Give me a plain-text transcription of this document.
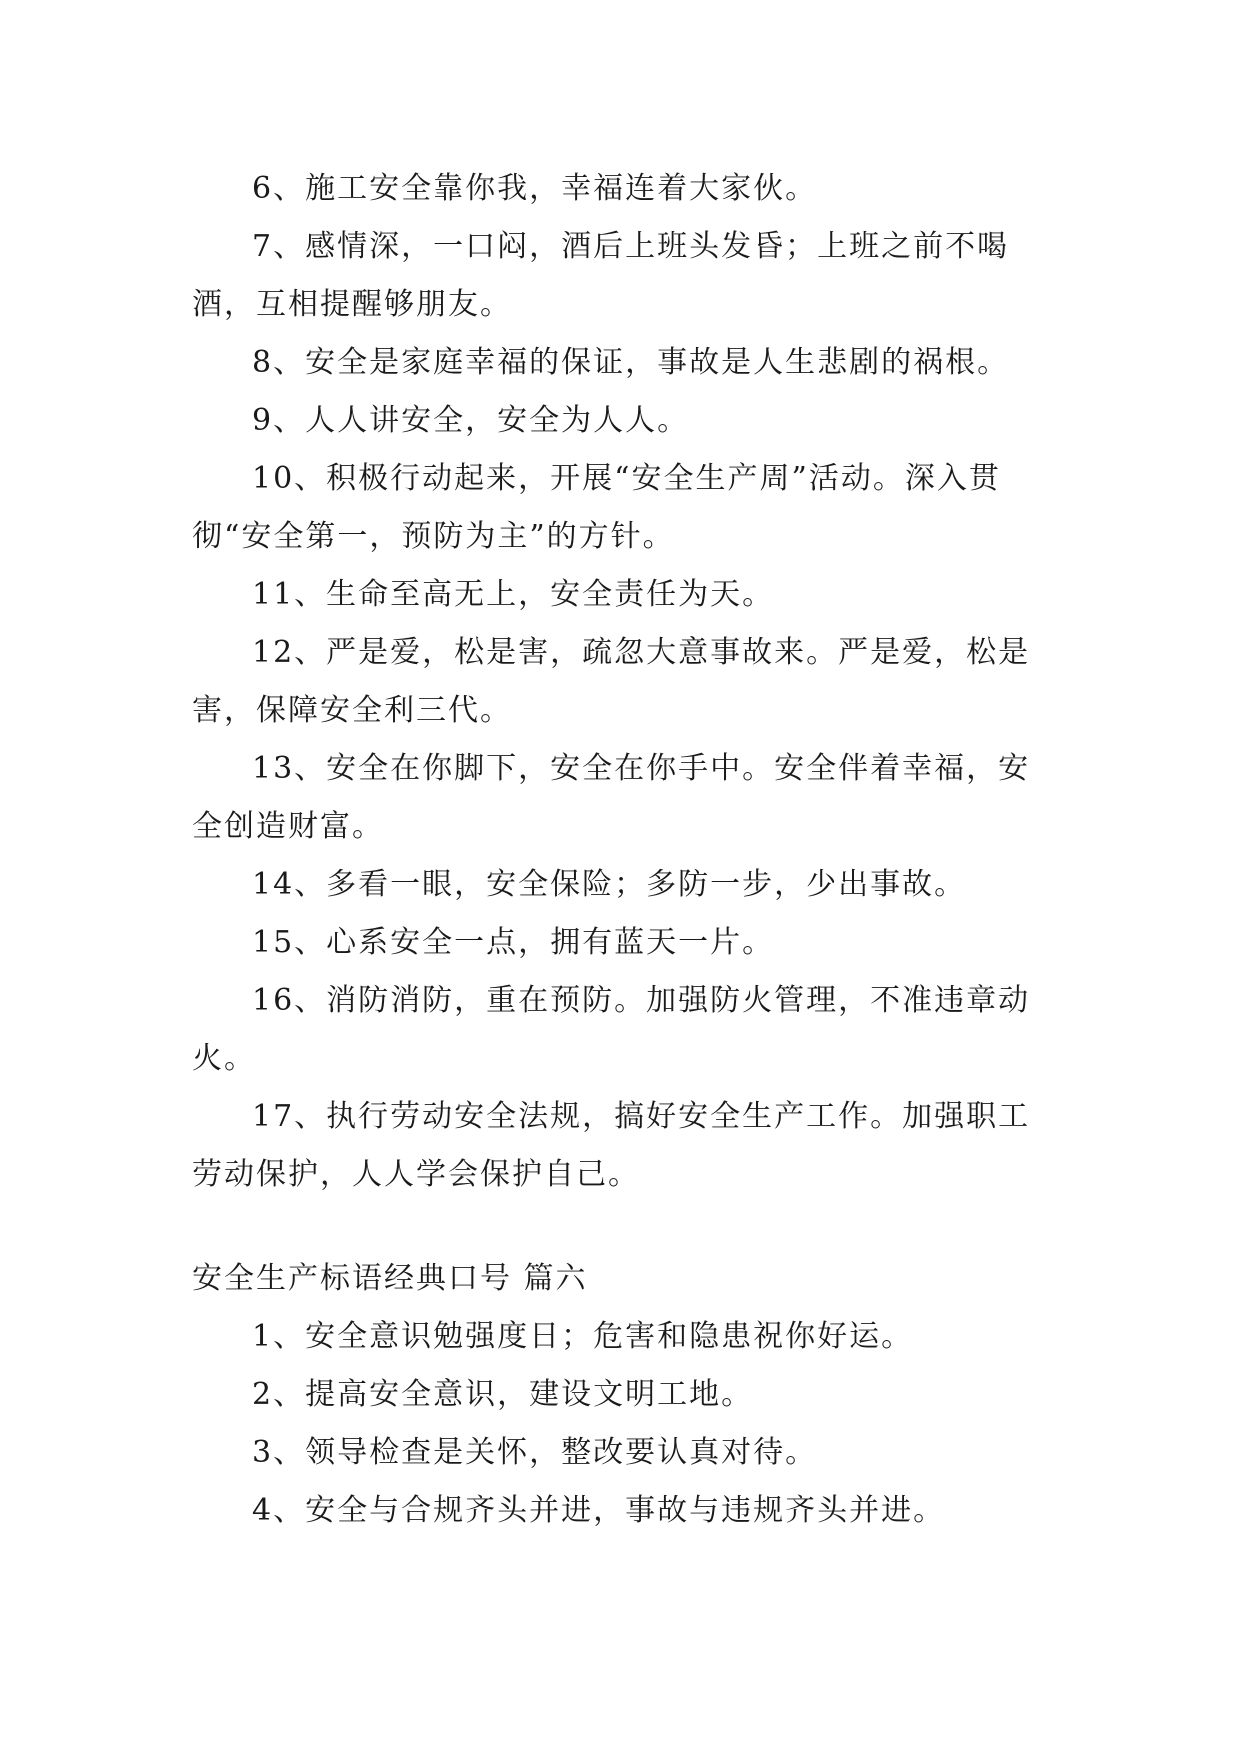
6、施工安全靠你我，幸福连着大家伙。

7、感情深，一口闷，酒后上班头发昏；上班之前不喝酒，互相提醒够朋友。

8、安全是家庭幸福的保证，事故是人生悲剧的祸根。

9、人人讲安全，安全为人人。

10、积极行动起来，开展“安全生产周”活动。深入贯彻“安全第一，预防为主”的方针。

11、生命至高无上，安全责任为天。

12、严是爱，松是害，疏忽大意事故来。严是爱，松是害，保障安全利三代。

13、安全在你脚下，安全在你手中。安全伴着幸福，安全创造财富。

14、多看一眼，安全保险；多防一步，少出事故。

15、心系安全一点，拥有蓝天一片。

16、消防消防，重在预防。加强防火管理，不准违章动火。

17、执行劳动安全法规，搞好安全生产工作。加强职工劳动保护，人人学会保护自己。

安全生产标语经典口号 篇六

1、安全意识勉强度日；危害和隐患祝你好运。

2、提高安全意识，建设文明工地。

3、领导检查是关怀，整改要认真对待。

4、安全与合规齐头并进，事故与违规齐头并进。
